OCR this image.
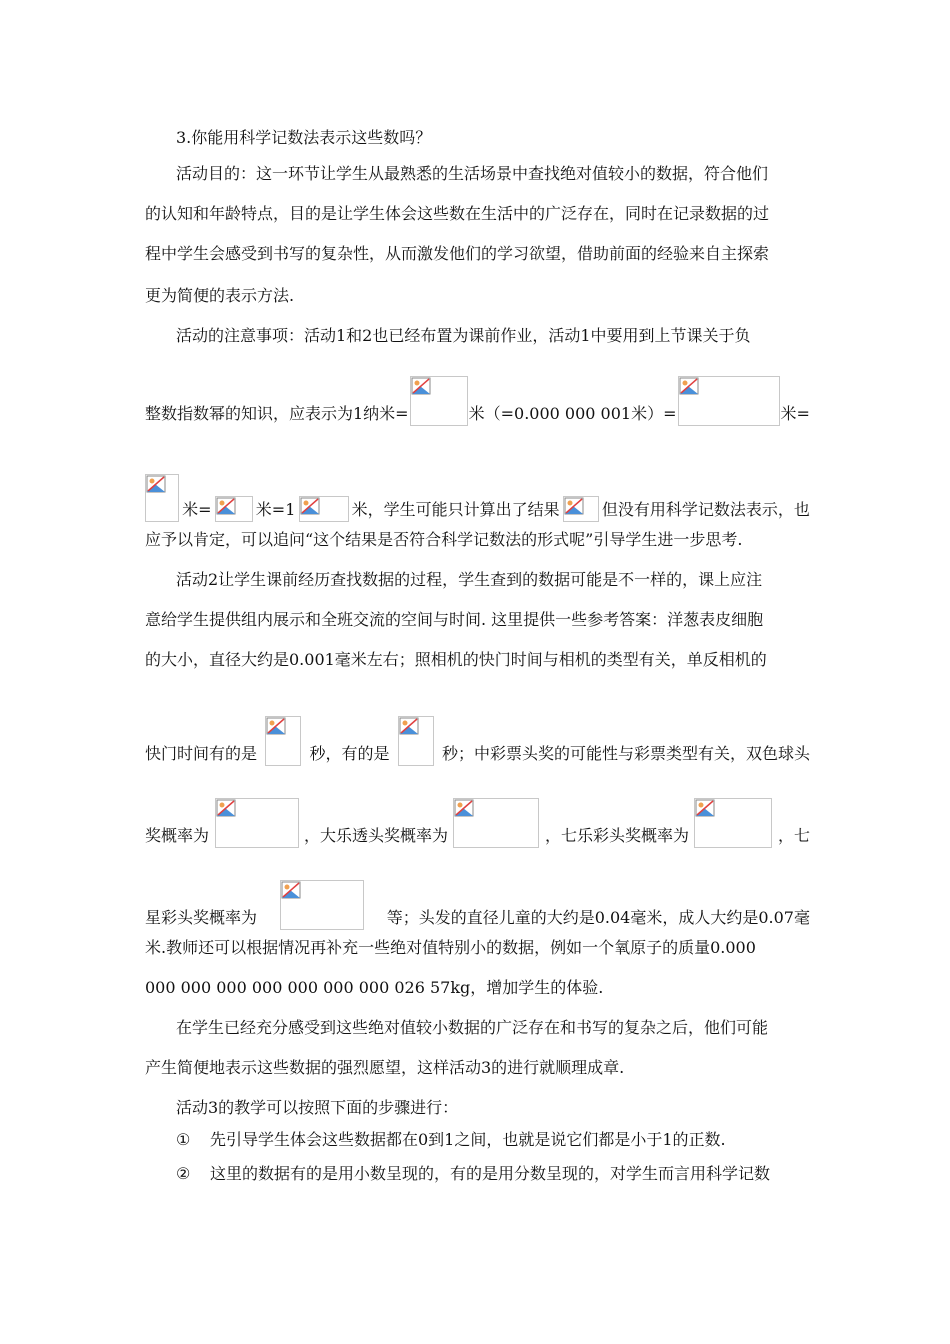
3.你能用科学记数法表示这些数吗？
活动目的：这一环节让学生从最熟悉的生活场景中查找绝对值较小的数据，符合他们
的认知和年龄特点，目的是让学生体会这些数在生活中的广泛存在，同时在记录数据的过
程中学生会感受到书写的复杂性，从而激发他们的学习欲望，借助前面的经验来自主探索
更为简便的表示方法.
活动的注意事项：活动1和2也已经布置为课前作业，活动1中要用到上节课关于负
整数指数幂的知识，应表示为1纳米=	米（=0.000 000 001米）=	米=
米=	米=1	米，学生可能只计算出了结果	但没有用科学记数法表示，也
应予以肯定，可以追问“这个结果是否符合科学记数法的形式呢”引导学生进一步思考.
活动2让学生课前经历查找数据的过程，学生查到的数据可能是不一样的，课上应注
意给学生提供组内展示和全班交流的空间与时间. 这里提供一些参考答案：洋葱表皮细胞
的大小，直径大约是0.001毫米左右；照相机的快门时间与相机的类型有关，单反相机的
快门时间有的是	秒，有的是	秒；中彩票头奖的可能性与彩票类型有关，双色球头
奖概率为	，大乐透头奖概率为	，七乐彩头奖概率为	，七
星彩头奖概率为	等；头发的直径儿童的大约是0.04毫米，成人大约是0.07毫
米.教师还可以根据情况再补充一些绝对值特别小的数据，例如一个氧原子的质量0.000
000 000 000 000 000 000 000 026 57kg，增加学生的体验.
在学生已经充分感受到这些绝对值较小数据的广泛存在和书写的复杂之后，他们可能
产生简便地表示这些数据的强烈愿望，这样活动3的进行就顺理成章.
活动3的教学可以按照下面的步骤进行：
①	先引导学生体会这些数据都在0到1之间，也就是说它们都是小于1的正数.
②	这里的数据有的是用小数呈现的，有的是用分数呈现的，对学生而言用科学记数
